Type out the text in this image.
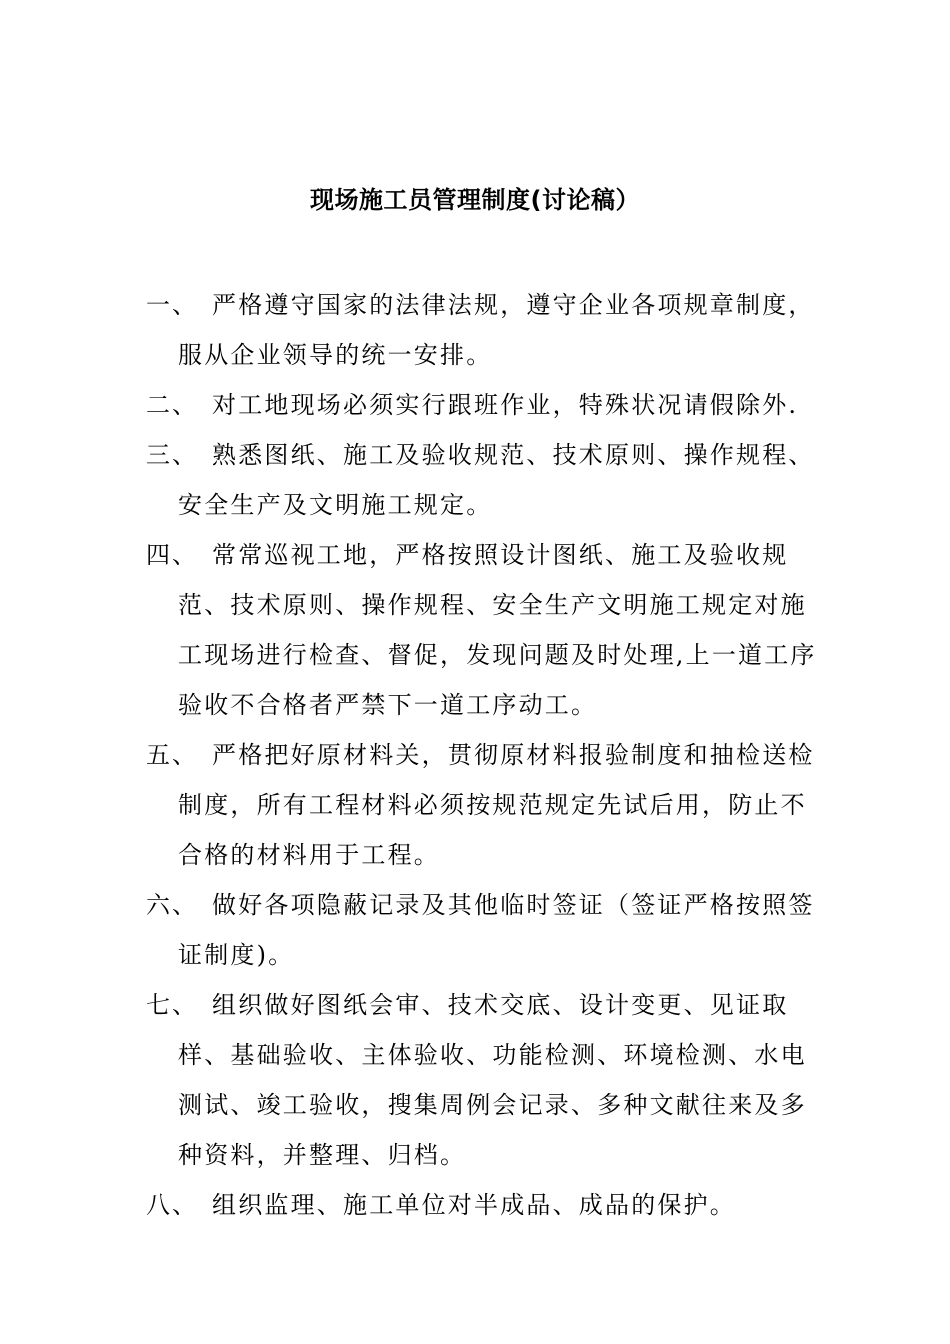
现场施工员管理制度(讨论稿）
一、 严格遵守国家的法律法规，遵守企业各项规章制度，服从企业领导的统一安排。

二、 对工地现场必须实行跟班作业，特殊状况请假除外.

三、 熟悉图纸、施工及验收规范、技术原则、操作规程、安全生产及文明施工规定。

四、 常常巡视工地，严格按照设计图纸、施工及验收规范、技术原则、操作规程、安全生产文明施工规定对施工现场进行检查、督促，发现问题及时处理,上一道工序验收不合格者严禁下一道工序动工。

五、 严格把好原材料关，贯彻原材料报验制度和抽检送检制度，所有工程材料必须按规范规定先试后用，防止不合格的材料用于工程。

六、 做好各项隐蔽记录及其他临时签证（签证严格按照签证制度)。

七、 组织做好图纸会审、技术交底、设计变更、见证取样、基础验收、主体验收、功能检测、环境检测、水电测试、竣工验收，搜集周例会记录、多种文献往来及多种资料，并整理、归档。

八、 组织监理、施工单位对半成品、成品的保护。
